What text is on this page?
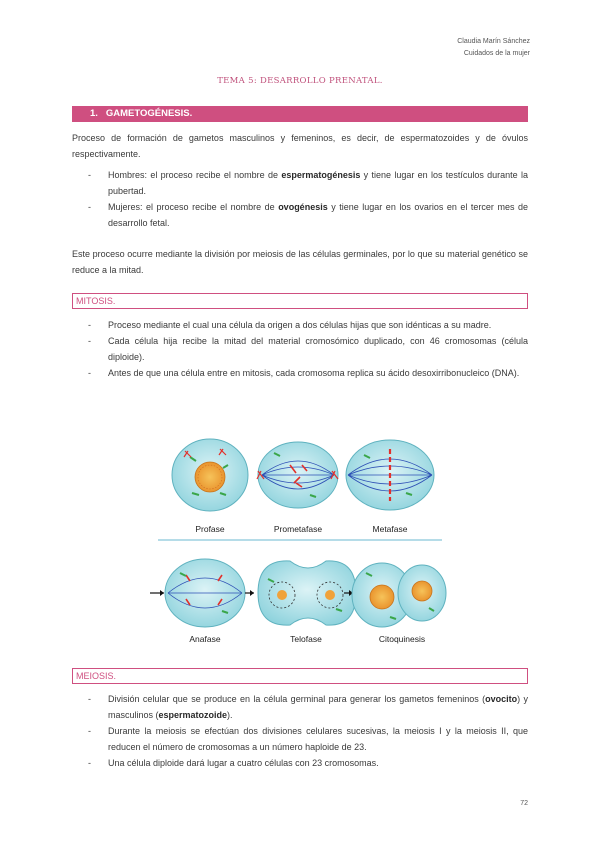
Claudia Marín Sánchez
Cuidados de la mujer
TEMA 5: DESARROLLO PRENATAL.
1. GAMETOGÉNESIS.
Proceso de formación de gametos masculinos y femeninos, es decir, de espermatozoides y de óvulos respectivamente.
- Hombres: el proceso recibe el nombre de espermatogénesis y tiene lugar en los testículos durante la pubertad.
- Mujeres: el proceso recibe el nombre de ovogénesis y tiene lugar en los ovarios en el tercer mes de desarrollo fetal.
Este proceso ocurre mediante la división por meiosis de las células germinales, por lo que su material genético se reduce a la mitad.
MITOSIS.
- Proceso mediante el cual una célula da origen a dos células hijas que son idénticas a su madre.
- Cada célula hija recibe la mitad del material cromosómico duplicado, con 46 cromosomas (célula diploide).
- Antes de que una célula entre en mitosis, cada cromosoma replica su ácido desoxirribonucleico (DNA).
Profase	Prometafase	Metafase
Anafase	Telofase	Citoquinesis
MEIOSIS.
- División celular que se produce en la célula germinal para generar los gametos femeninos (ovocito) y masculinos (espermatozoide).
- Durante la meiosis se efectúan dos divisiones celulares sucesivas, la meiosis I y la meiosis II, que reducen el número de cromosomas a un número haploide de 23.
- Una célula diploide dará lugar a cuatro células con 23 cromosomas.
72
